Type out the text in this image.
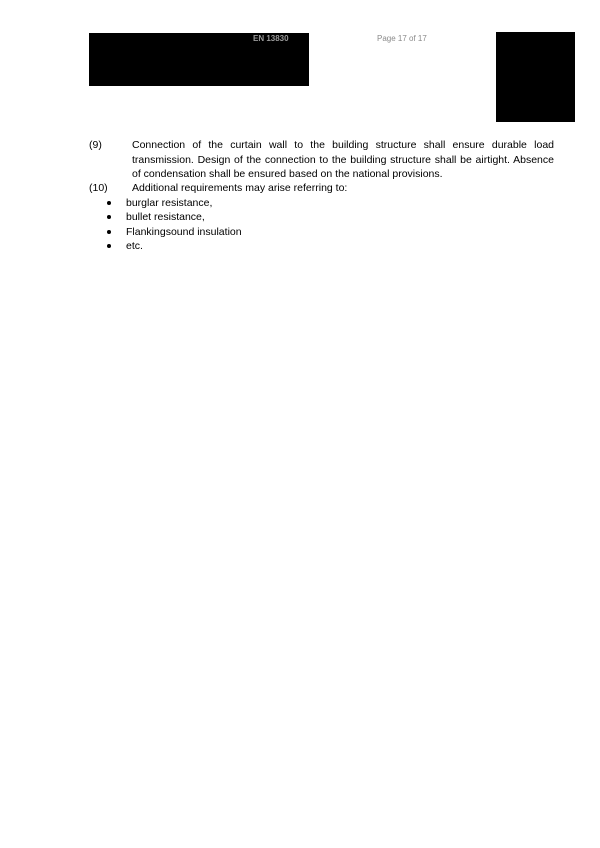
EN 13830	Page 17 of 17
(9)	Connection of the curtain wall to the building structure shall ensure durable load transmission. Design of the connection to the building structure shall be airtight. Absence of condensation shall be ensured based on the national provisions.
(10)	Additional requirements may arise referring to:
burglar resistance,
bullet resistance,
Flankingsound insulation
etc.
